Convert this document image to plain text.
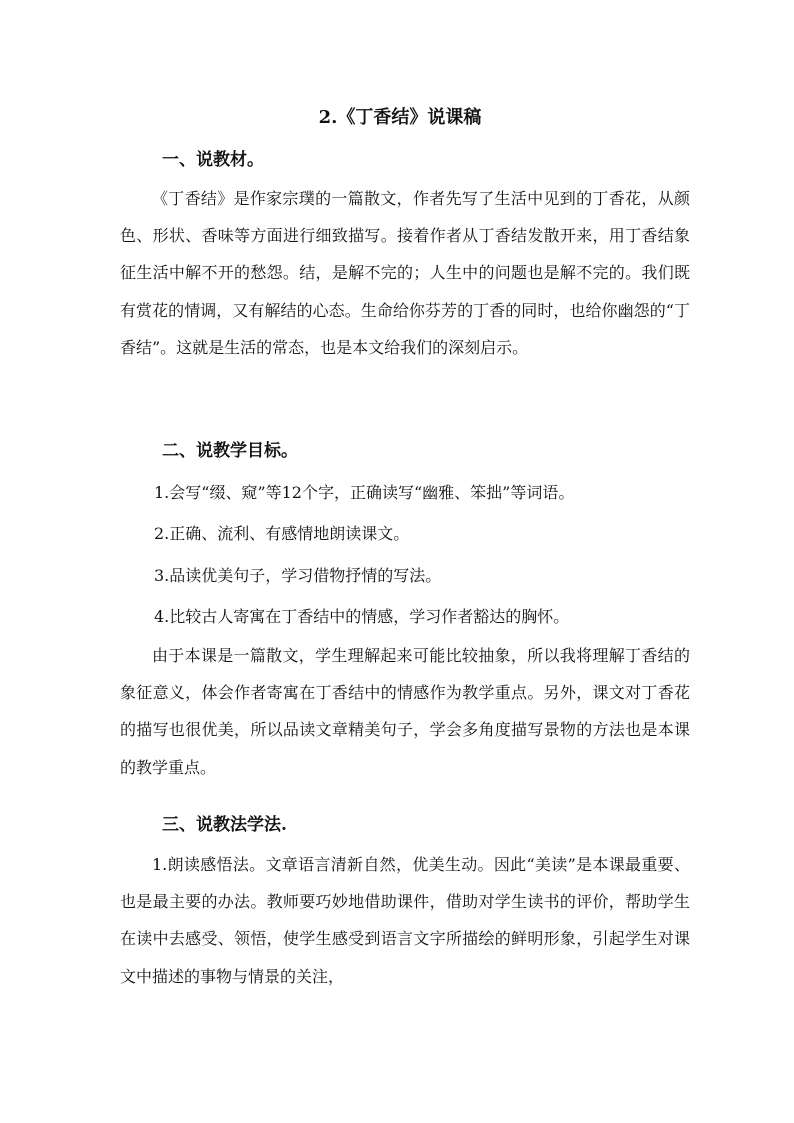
2.《丁香结》说课稿
一、说教材。

《丁香结》是作家宗璞的一篇散文，作者先写了生活中见到的丁香花，从颜色、形状、香味等方面进行细致描写。接着作者从丁香结发散开来，用丁香结象征生活中解不开的愁怨。结，是解不完的；人生中的问题也是解不完的。我们既有赏花的情调，又有解结的心态。生命给你芬芳的丁香的同时，也给你幽怨的“丁香结”。这就是生活的常态，也是本文给我们的深刻启示。

二、说教学目标。
1.会写“缀、窥”等12个字，正确读写“幽雅、笨拙”等词语。
2.正确、流利、有感情地朗读课文。
3.品读优美句子，学习借物抒情的写法。
4.比较古人寄寓在丁香结中的情感，学习作者豁达的胸怀。

由于本课是一篇散文，学生理解起来可能比较抽象，所以我将理解丁香结的象征意义，体会作者寄寓在丁香结中的情感作为教学重点。另外，课文对丁香花的描写也很优美，所以品读文章精美句子，学会多角度描写景物的方法也是本课的教学重点。

三、说教法学法.

1.朗读感悟法。文章语言清新自然，优美生动。因此“美读”是本课最重要、也是最主要的办法。教师要巧妙地借助课件，借助对学生读书的评价，帮助学生在读中去感受、领悟，使学生感受到语言文字所描绘的鲜明形象，引起学生对课文中描述的事物与情景的关注，
